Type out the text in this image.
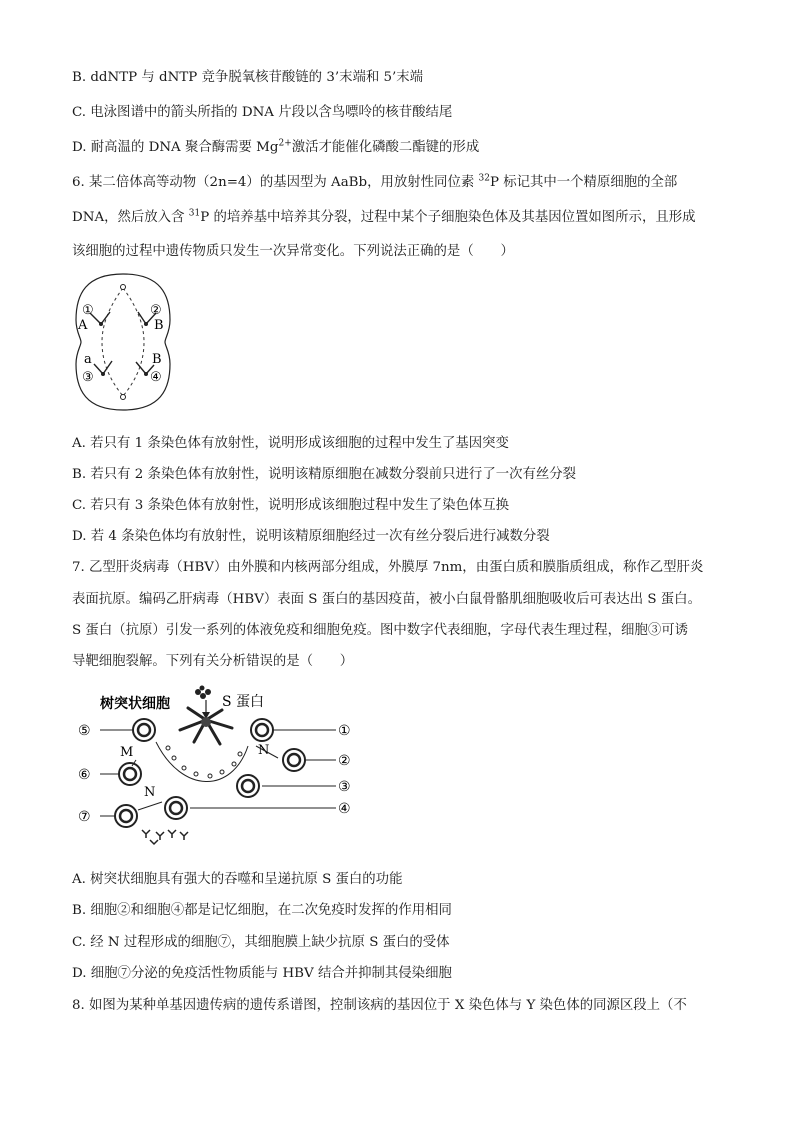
B. ddNTP 与 dNTP 竞争脱氧核苷酸链的 3’末端和 5’末端
C. 电泳图谱中的箭头所指的 DNA 片段以含鸟嘌呤的核苷酸结尾
D. 耐高温的 DNA 聚合酶需要 $Mg^{2+}$激活才能催化磷酸二酯键的形成
6. 某二倍体高等动物（2n=4）的基因型为 AaBb，用放射性同位素 $^{32}$P 标记其中一个精原细胞的全部
DNA，然后放入含 $^{31}$P 的培养基中培养其分裂，过程中某个子细胞染色体及其基因位置如图所示，且形成
该细胞的过程中遗传物质只发生一次异常变化。下列说法正确的是（　　）
①
A
②
B
a
③
B
④
A. 若只有 1 条染色体有放射性，说明形成该细胞的过程中发生了基因突变
B. 若只有 2 条染色体有放射性，说明该精原细胞在减数分裂前只进行了一次有丝分裂
C. 若只有 3 条染色体有放射性，说明形成该细胞过程中发生了染色体互换
D. 若 4 条染色体均有放射性，说明该精原细胞经过一次有丝分裂后进行减数分裂
7. 乙型肝炎病毒（HBV）由外膜和内核两部分组成，外膜厚 7nm，由蛋白质和膜脂质组成，称作乙型肝炎
表面抗原。编码乙肝病毒（HBV）表面 S 蛋白的基因疫苗，被小白鼠骨骼肌细胞吸收后可表达出 S 蛋白。
S 蛋白（抗原）引发一系列的体液免疫和细胞免疫。图中数字代表细胞，字母代表生理过程，细胞③可诱
导靶细胞裂解。下列有关分析错误的是（　　）
⑤
⑥
⑦
①
②
③
④
树突状细胞	S 蛋白
M	N
N
A. 树突状细胞具有强大的吞噬和呈递抗原 S 蛋白的功能
B. 细胞②和细胞④都是记忆细胞，在二次免疫时发挥的作用相同
C. 经 N 过程形成的细胞⑦，其细胞膜上缺少抗原 S 蛋白的受体
D. 细胞⑦分泌的免疫活性物质能与 HBV 结合并抑制其侵染细胞
8. 如图为某种单基因遗传病的遗传系谱图，控制该病的基因位于 X 染色体与 Y 染色体的同源区段上（不
